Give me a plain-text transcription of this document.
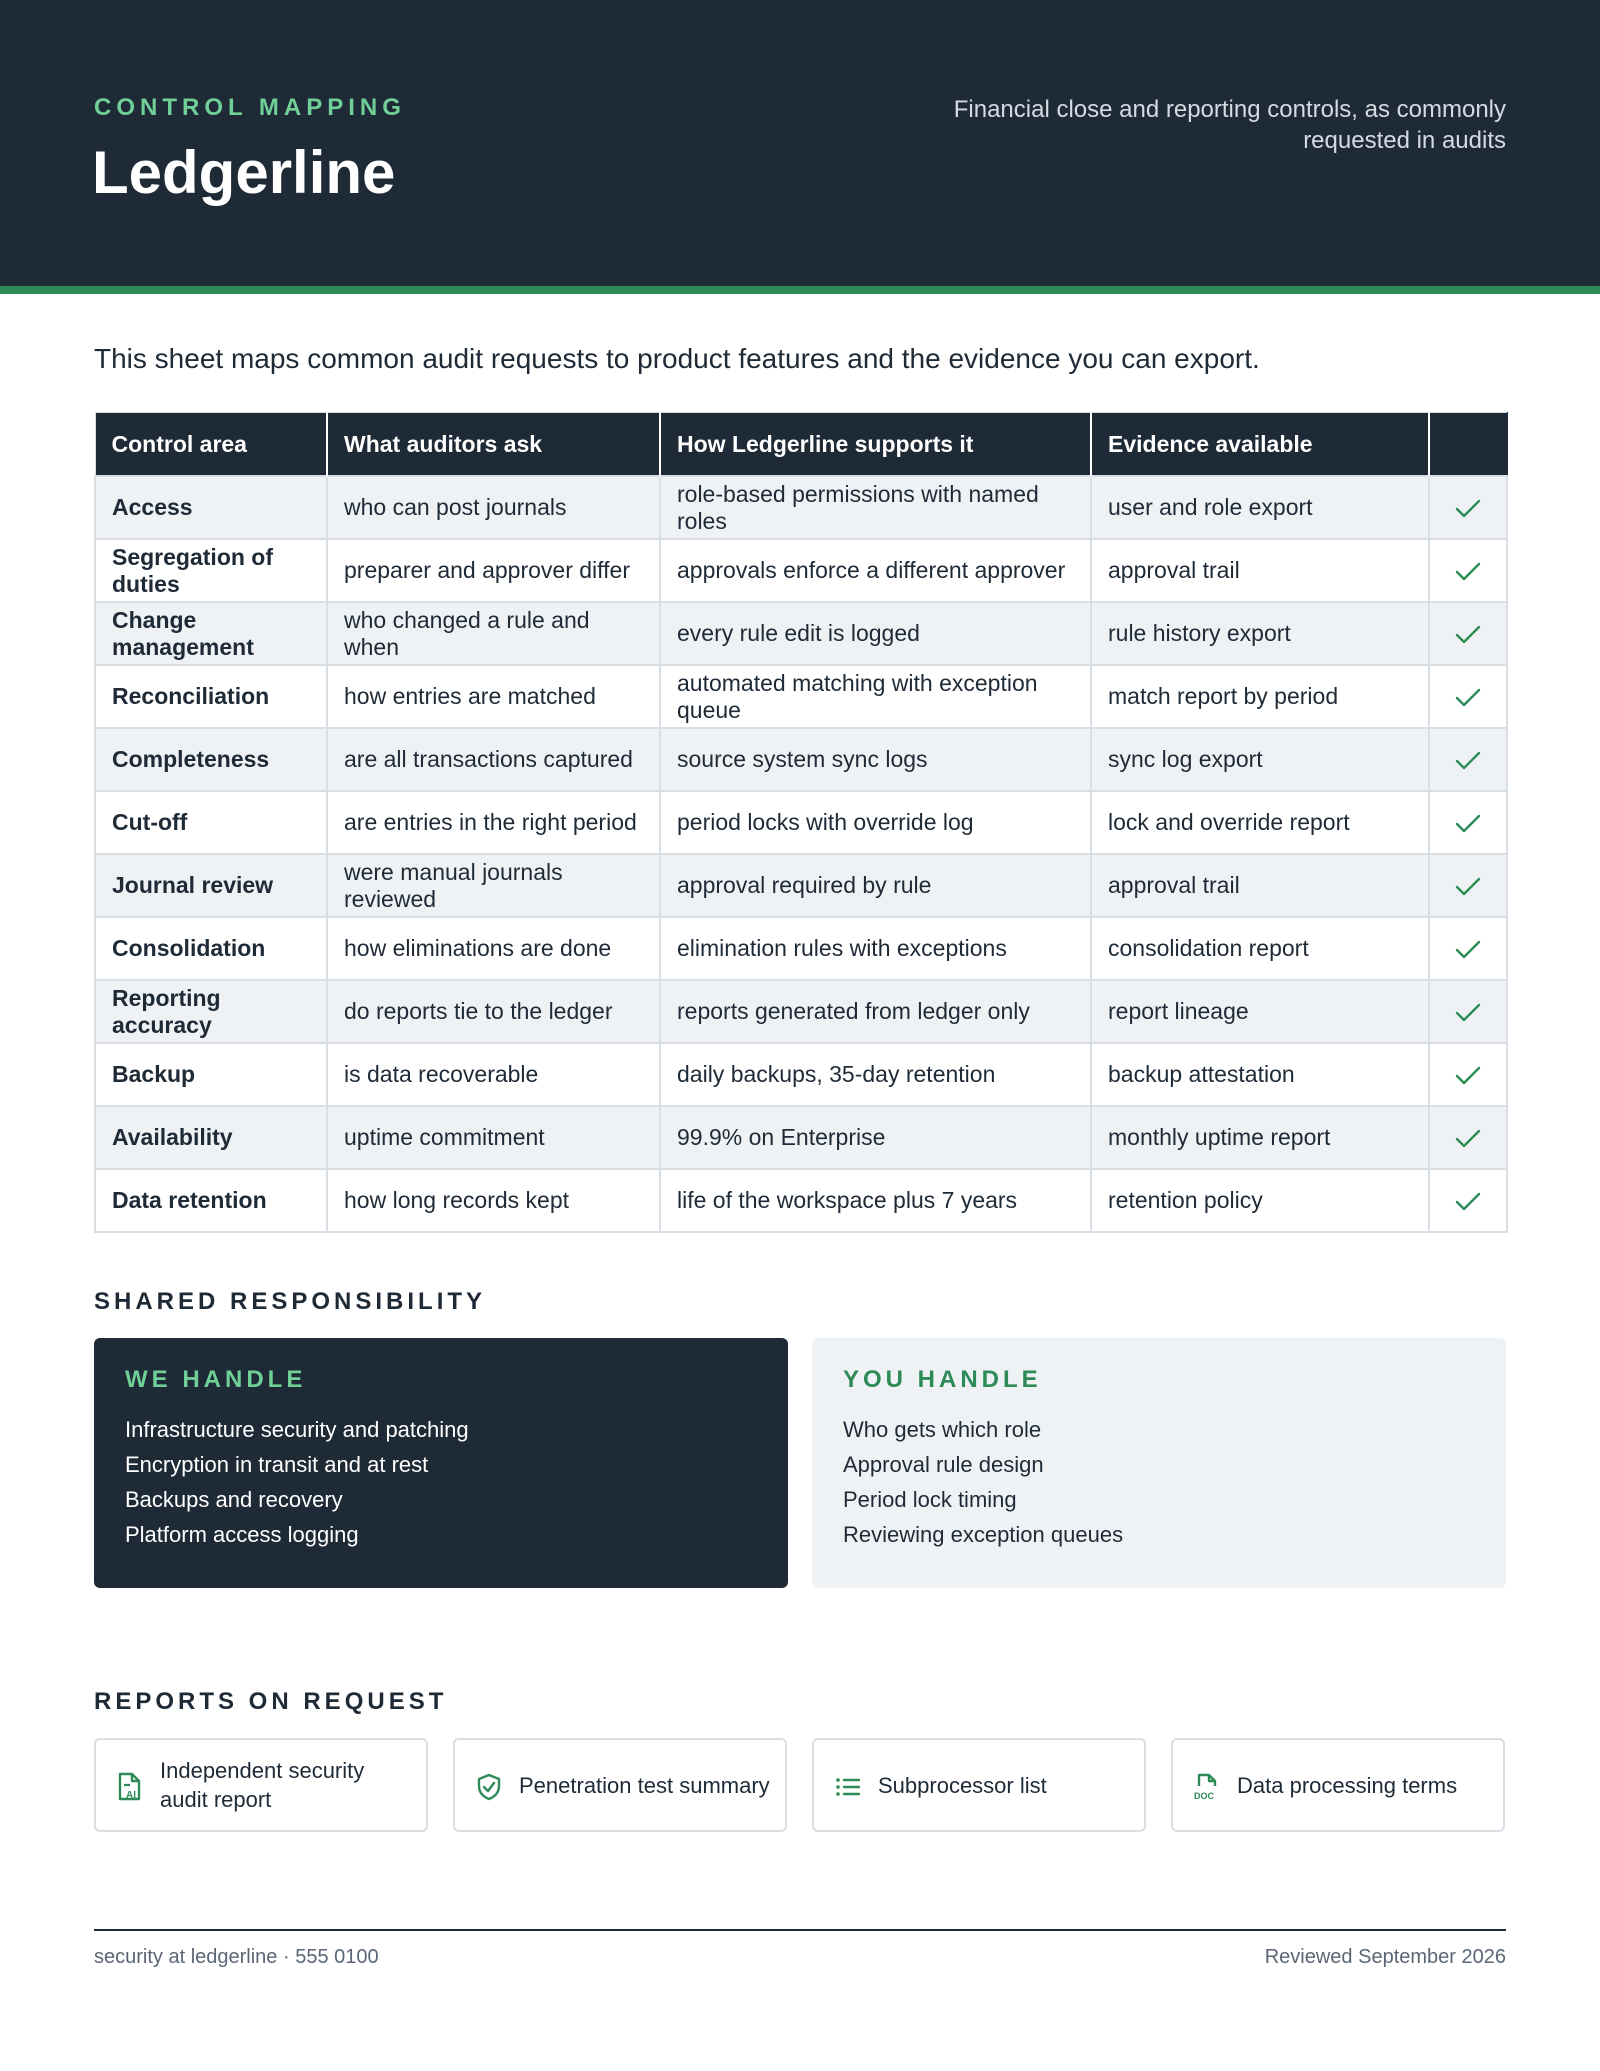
CONTROL MAPPING
Ledgerline
Financial close and reporting controls, as commonly requested in audits
This sheet maps common audit requests to product features and the evidence you can export.
Control area	What auditors ask	How Ledgerline supports it	Evidence available	
Access	who can post journals	role-based permissions with named roles	user and role export	
Segregation of duties	preparer and approver differ	approvals enforce a different approver	approval trail	
Change management	who changed a rule and when	every rule edit is logged	rule history export	
Reconciliation	how entries are matched	automated matching with exception queue	match report by period	
Completeness	are all transactions captured	source system sync logs	sync log export	
Cut-off	are entries in the right period	period locks with override log	lock and override report	
Journal review	were manual journals reviewed	approval required by rule	approval trail	
Consolidation	how eliminations are done	elimination rules with exceptions	consolidation report	
Reporting accuracy	do reports tie to the ledger	reports generated from ledger only	report lineage	
Backup	is data recoverable	daily backups, 35-day retention	backup attestation	
Availability	uptime commitment	99.9% on Enterprise	monthly uptime report	
Data retention	how long records kept	life of the workspace plus 7 years	retention policy	
SHARED RESPONSIBILITY
WE HANDLE
Infrastructure security and patching
Encryption in transit and at rest
Backups and recovery
Platform access logging
YOU HANDLE
Who gets which role
Approval rule design
Period lock timing
Reviewing exception queues
REPORTS ON REQUEST
AI
Independent security audit report
Penetration test summary	Subprocessor list	DOC Data processing terms
security at ledgerline · 555 0100	Reviewed September 2026
